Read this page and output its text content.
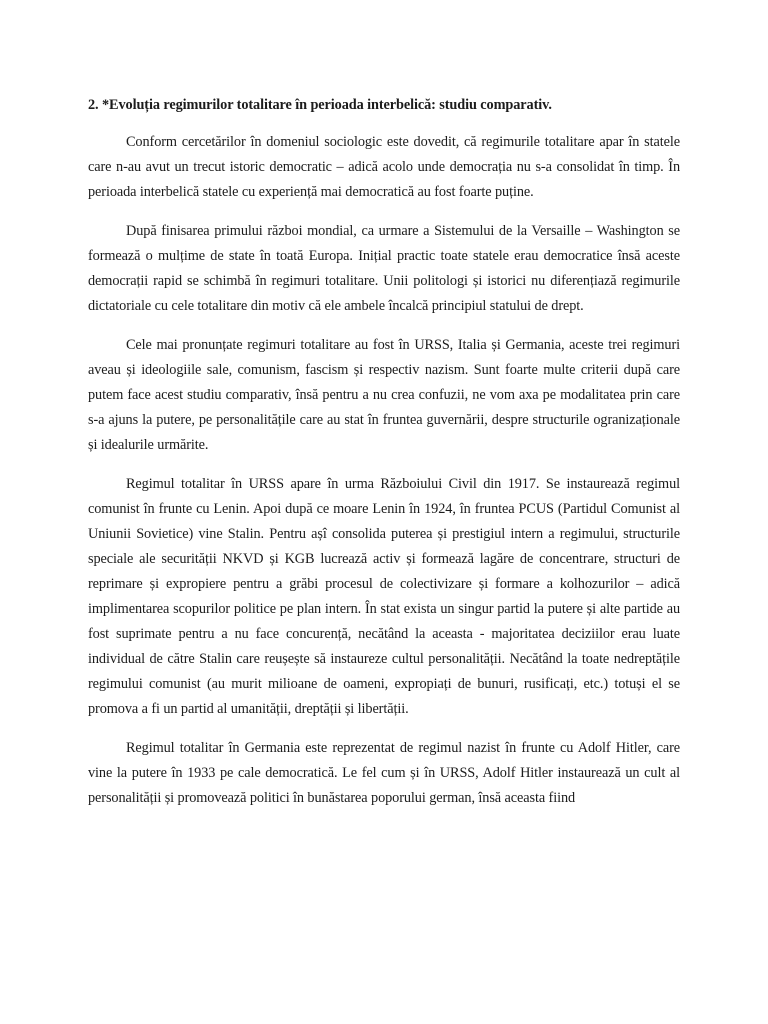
2. *Evoluția regimurilor totalitare în perioada interbelică: studiu comparativ.

Conform cercetărilor în domeniul sociologic este dovedit, că regimurile totalitare apar în statele care n-au avut un trecut istoric democratic – adică acolo unde democrația nu s-a consolidat în timp. În perioada interbelică statele cu experiență mai democratică au fost foarte puține.

După finisarea primului război mondial, ca urmare a Sistemului de la Versaille – Washington se formează o mulțime de state în toată Europa. Inițial practic toate statele erau democratice însă aceste democrații rapid se schimbă în regimuri totalitare. Unii politologi și istorici nu diferențiază regimurile dictatoriale cu cele totalitare din motiv că ele ambele încalcă principiul statului de drept.

Cele mai pronunțate regimuri totalitare au fost în URSS, Italia și Germania, aceste trei regimuri aveau și ideologiile sale, comunism, fascism și respectiv nazism. Sunt foarte multe criterii după care putem face acest studiu comparativ, însă pentru a nu crea confuzii, ne vom axa pe modalitatea prin care s-a ajuns la putere, pe personalitățile care au stat în fruntea guvernării, despre structurile ogranizaționale și idealurile urmărite.

Regimul totalitar în URSS apare în urma Războiului Civil din 1917. Se instaurează regimul comunist în frunte cu Lenin. Apoi după ce moare Lenin în 1924, în fruntea PCUS (Partidul Comunist al Uniunii Sovietice) vine Stalin. Pentru așî consolida puterea și prestigiul intern a regimului, structurile speciale ale securității NKVD și KGB lucrează activ și formează lagăre de concentrare, structuri de reprimare și expropiere pentru a grăbi procesul de colectivizare și formare a kolhozurilor – adică implimentarea scopurilor politice pe plan intern. În stat exista un singur partid la putere și alte partide au fost suprimate pentru a nu face concurență, necătând la aceasta - majoritatea deciziilor erau luate individual de către Stalin care reușește să instaureze cultul personalității. Necătând la toate nedreptățile regimului comunist (au murit milioane de oameni, expropiați de bunuri, rusificați, etc.) totuși el se promova a fi un partid al umanității, dreptății și libertății.

Regimul totalitar în Germania este reprezentat de regimul nazist în frunte cu Adolf Hitler, care vine la putere în 1933 pe cale democratică. Le fel cum și în URSS, Adolf Hitler instaurează un cult al personalității și promovează politici în bunăstarea poporului german, însă aceasta fiind
